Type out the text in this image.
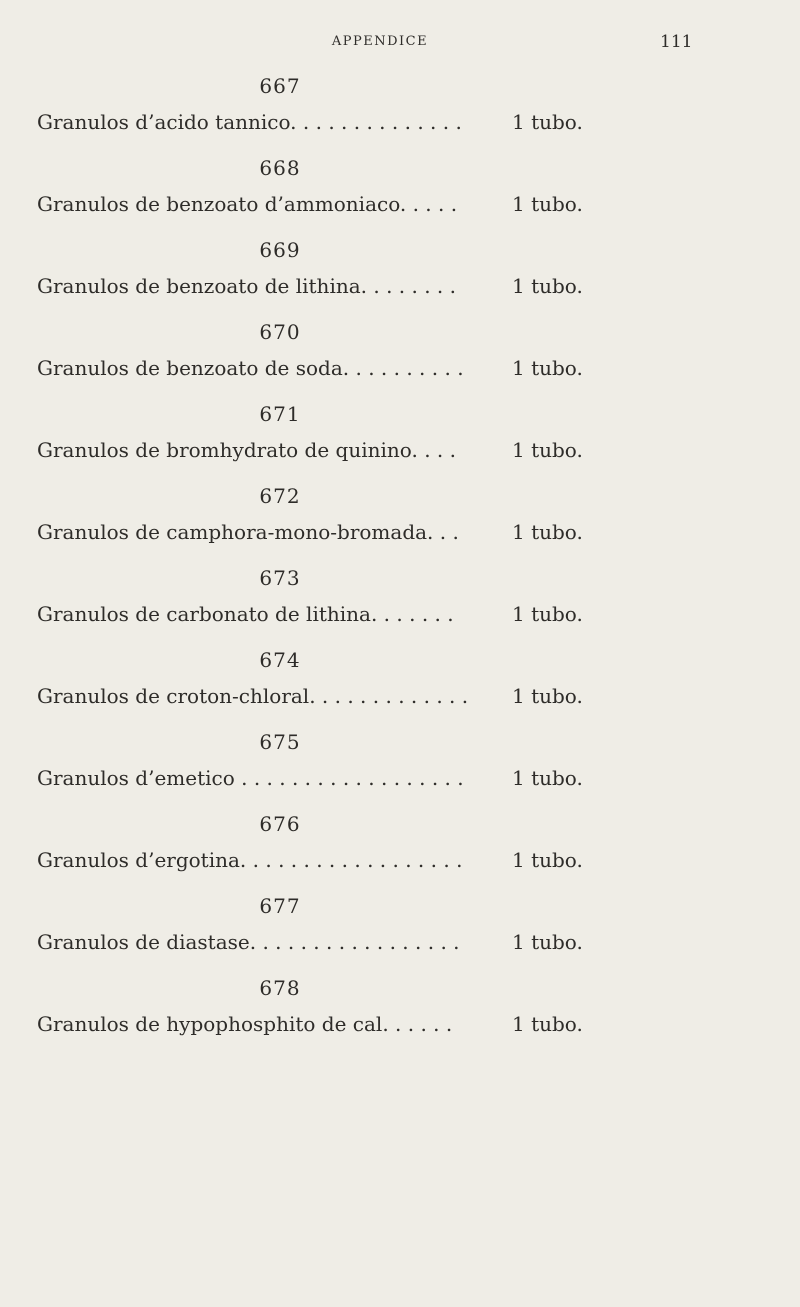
APPENDICE	111
667
Granulos d’acido tannico. . . . . . . . . . . . . .	1 tubo.
668
Granulos de benzoato d’ammoniaco. . . . .	1 tubo.
669
Granulos de benzoato de lithina. . . . . . . .	1 tubo.
670
Granulos de benzoato de soda. . . . . . . . . . 1 tubo.
671
Granulos de bromhydrato de quinino. . . .	1 tubo.
672
Granulos de camphora-mono-bromada. . .	1 tubo.
673
Granulos de carbonato de lithina. . . . . . .	1 tubo.
674
Granulos de croton-chloral. . . . . . . . . . . . . 1 tubo.
675
Granulos d’emetico . . . . . . . . . . . . . . . . . . 1 tubo.
676
Granulos d’ergotina. . . . . . . . . . . . . . . . . . 1 tubo.
677
Granulos de diastase. . . . . . . . . . . . . . . . .	1 tubo.
678
Granulos de hypophosphito de cal. . . . . .	1 tubo.
